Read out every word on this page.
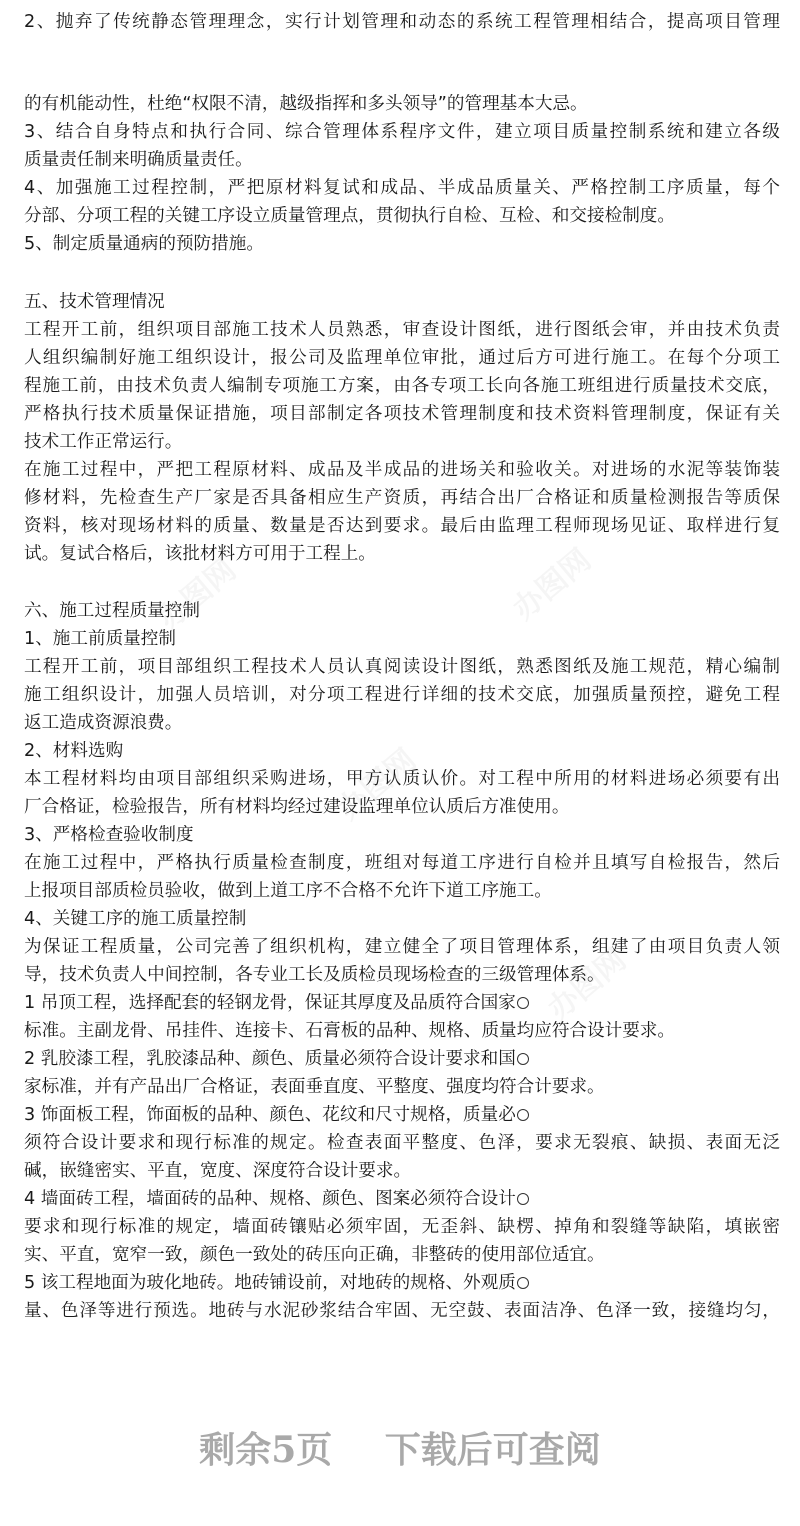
办图网	办图网
办图网
办图网

2、抛弃了传统静态管理理念，实行计划管理和动态的系统工程管理相结合，提高项目管理

的有机能动性，杜绝“权限不清，越级指挥和多头领导”的管理基本大忌。

3、结合自身特点和执行合同、综合管理体系程序文件，建立项目质量控制系统和建立各级

质量责任制来明确质量责任。

4、加强施工过程控制，严把原材料复试和成品、半成品质量关、严格控制工序质量，每个

分部、分项工程的关键工序设立质量管理点，贯彻执行自检、互检、和交接检制度。

5、制定质量通病的预防措施。

五、技术管理情况

工程开工前，组织项目部施工技术人员熟悉，审查设计图纸，进行图纸会审，并由技术负责

人组织编制好施工组织设计，报公司及监理单位审批，通过后方可进行施工。在每个分项工

程施工前，由技术负责人编制专项施工方案，由各专项工长向各施工班组进行质量技术交底，

严格执行技术质量保证措施，项目部制定各项技术管理制度和技术资料管理制度，保证有关

技术工作正常运行。

在施工过程中，严把工程原材料、成品及半成品的进场关和验收关。对进场的水泥等装饰装

修材料，先检查生产厂家是否具备相应生产资质，再结合出厂合格证和质量检测报告等质保

资料，核对现场材料的质量、数量是否达到要求。最后由监理工程师现场见证、取样进行复

试。复试合格后，该批材料方可用于工程上。

六、施工过程质量控制

1、施工前质量控制

工程开工前，项目部组织工程技术人员认真阅读设计图纸，熟悉图纸及施工规范，精心编制

施工组织设计，加强人员培训，对分项工程进行详细的技术交底，加强质量预控，避免工程

返工造成资源浪费。

2、材料选购

本工程材料均由项目部组织采购进场，甲方认质认价。对工程中所用的材料进场必须要有出

厂合格证，检验报告，所有材料均经过建设监理单位认质后方准使用。

3、严格检查验收制度

在施工过程中，严格执行质量检查制度，班组对每道工序进行自检并且填写自检报告，然后

上报项目部质检员验收，做到上道工序不合格不允许下道工序施工。

4、关键工序的施工质量控制

为保证工程质量，公司完善了组织机构，建立健全了项目管理体系，组建了由项目负责人领

导，技术负责人中间控制，各专业工长及质检员现场检查的三级管理体系。

1 吊顶工程，选择配套的轻钢龙骨，保证其厚度及品质符合国家

标准。主副龙骨、吊挂件、连接卡、石膏板的品种、规格、质量均应符合设计要求。

2 乳胶漆工程，乳胶漆品种、颜色、质量必须符合设计要求和国

家标准，并有产品出厂合格证，表面垂直度、平整度、强度均符合计要求。

3 饰面板工程，饰面板的品种、颜色、花纹和尺寸规格，质量必

须符合设计要求和现行标准的规定。检查表面平整度、色泽，要求无裂痕、缺损、表面无泛

碱，嵌缝密实、平直，宽度、深度符合设计要求。

4 墙面砖工程，墙面砖的品种、规格、颜色、图案必须符合设计

要求和现行标准的规定，墙面砖镶贴必须牢固，无歪斜、缺楞、掉角和裂缝等缺陷，填嵌密

实、平直，宽窄一致，颜色一致处的砖压向正确，非整砖的使用部位适宜。

5 该工程地面为玻化地砖。地砖铺设前，对地砖的规格、外观质

量、色泽等进行预选。地砖与水泥砂浆结合牢固、无空鼓、表面洁净、色泽一致，接缝均匀，

剩余5页 下载后可查阅
